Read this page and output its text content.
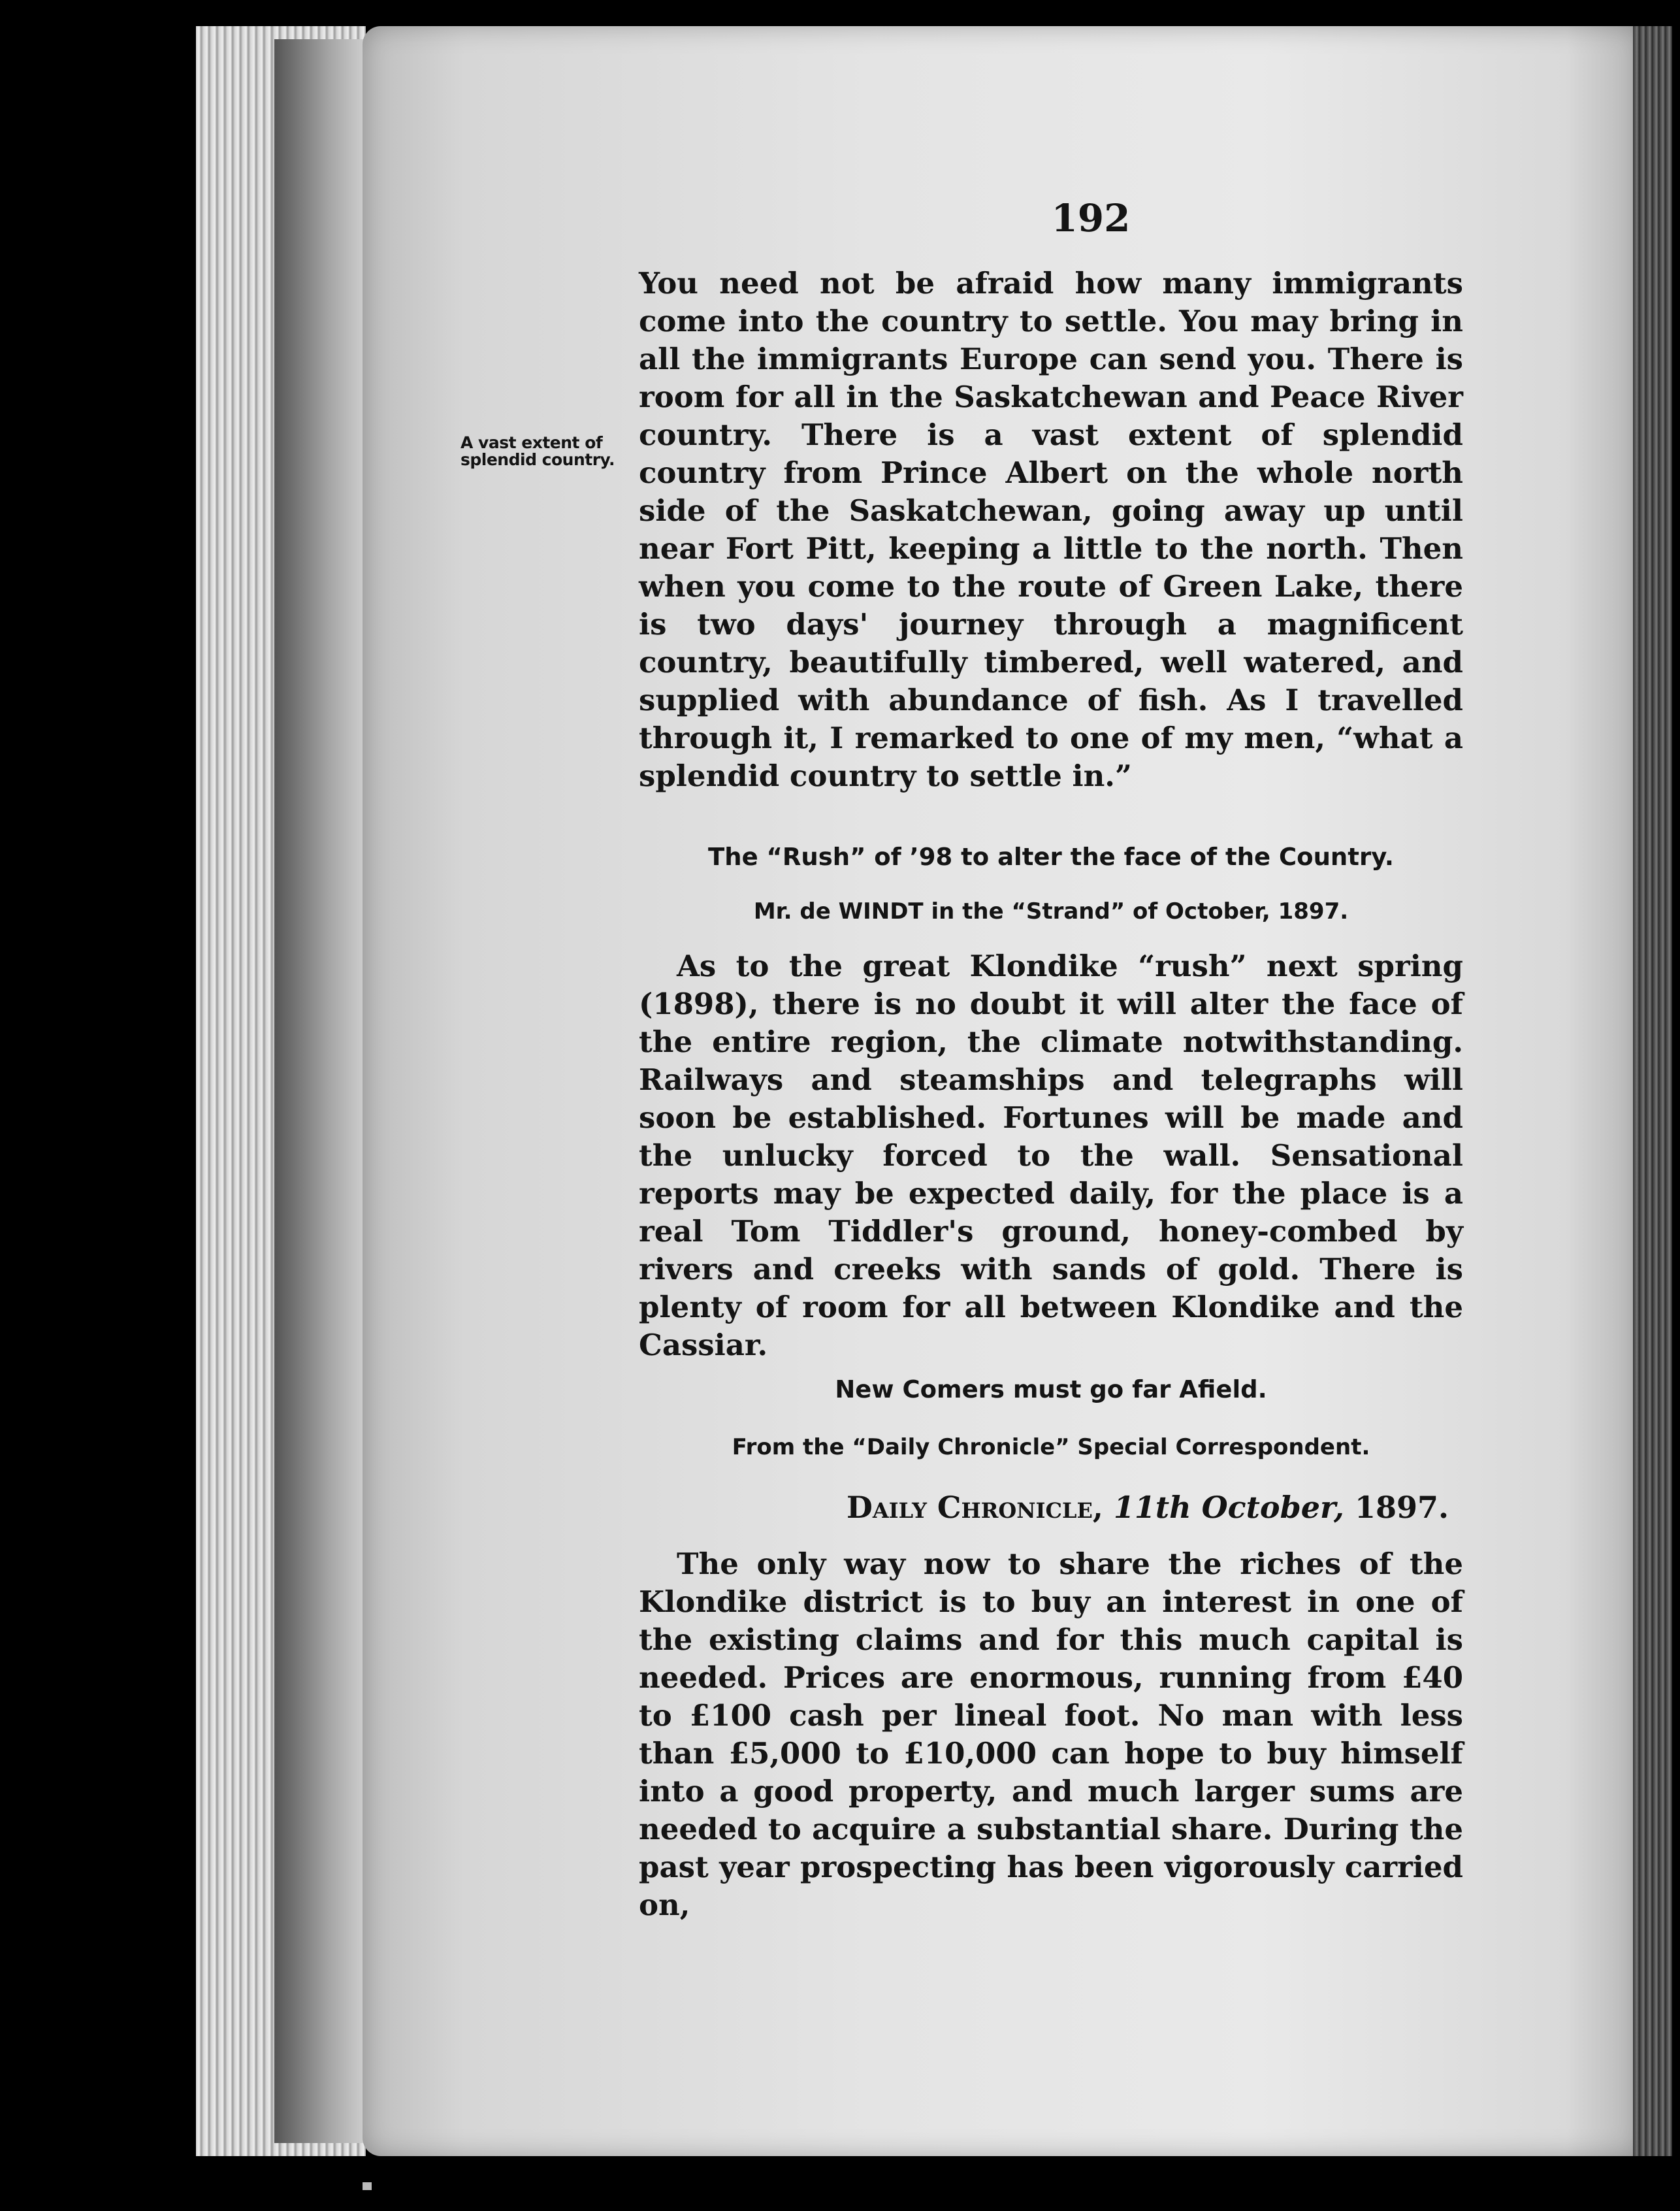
192
A vast extent of splendid country.

You need not be afraid how many immigrants come into the country to settle. You may bring in all the immigrants Europe can send you. There is room for all in the Saskatchewan and Peace River country. There is a vast extent of splendid country from Prince Albert on the whole north side of the Saskatchewan, going away up until near Fort Pitt, keeping a little to the north. Then when you come to the route of Green Lake, there is two days' journey through a magnificent country, beautifully timbered, well watered, and supplied with abundance of fish. As I travelled through it, I remarked to one of my men, “what a splendid country to settle in.”

The “Rush” of ’98 to alter the face of the Country.
Mr. de WINDT in the “Strand” of October, 1897.

As to the great Klondike “rush” next spring (1898), there is no doubt it will alter the face of the entire region, the climate notwithstanding. Railways and steamships and telegraphs will soon be established. Fortunes will be made and the unlucky forced to the wall. Sensational reports may be expected daily, for the place is a real Tom Tiddler's ground, honey-combed by rivers and creeks with sands of gold. There is plenty of room for all between Klondike and the Cassiar.

New Comers must go far Afield.
From the “Daily Chronicle” Special Correspondent.
Daily Chronicle, 11th October, 1897.

The only way now to share the riches of the Klondike district is to buy an interest in one of the existing claims and for this much capital is needed. Prices are enormous, running from £40 to £100 cash per lineal foot. No man with less than £5,000 to £10,000 can hope to buy himself into a good property, and much larger sums are needed to acquire a substantial share. During the past year prospecting has been vigorously carried on,
